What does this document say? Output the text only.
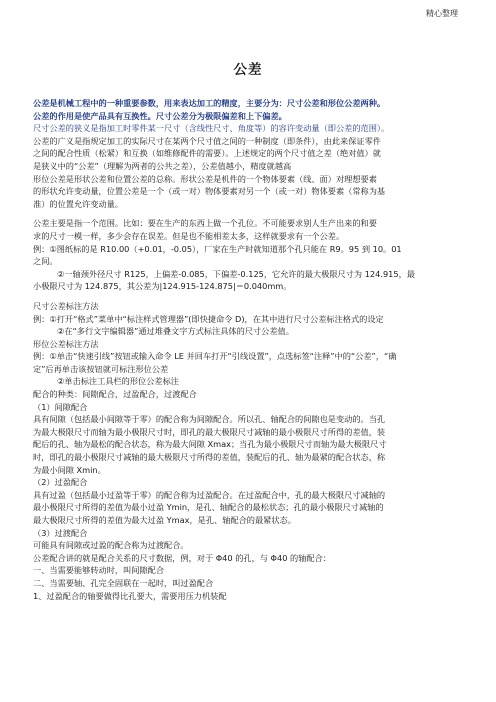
精心整理
公差

公差是机械工程中的一种重要参数，用来表达加工的精度，主要分为：尺寸公差和形位公差两种。

公差的作用是使产品具有互换性。尺寸公差分为极限偏差和上下偏差。

尺寸公差的狭义是指加工时零件某一尺寸（含线性尺寸、角度等）的容许变动量（即公差的范围）。

公差的广义是指规定加工的实际尺寸在某两个尺寸值之间的一种制度（即条件），由此来保证零件

之间的配合性质（松紧）和互换（如维修配件的需要）。上述规定的两个尺寸值之差（绝对值）就

是狭义中的“公差”（理解为两者的公共之差），公差值越小，精度就越高

形位公差是形状公差和位置公差的总称。形状公差是机件的一个物体要素（线、面）对理想要素

的形状允许变动量，位置公差是一个（或一对）物体要素对另一个（或一对）物体要素（常称为基

准）的位置允许变动量。

公差主要是指一个范围。比如：要在生产的东西上做一个孔位。不可能要求别人生产出来的和要

求的尺寸一模一样，多少会存在误差。但是也不能相差太多，这样就要求有一个公差。

例：①图纸标的是 R10.00（+0.01，-0.05），厂家在生产时就知道那个孔只能在 R9。95 到 10。01

之间。

②一轴颈外径尺寸 R125，上偏差-0.085，下偏差-0.125，它允许的最大极限尺寸为 124.915，最

小极限尺寸为 124.875，其公差为|124.915-124.875|＝0.040mm。

尺寸公差标注方法

例：①打开“格式”菜单中“标注样式管理器”(即快捷命令 D)，在其中进行尺寸公差标注格式的设定

②在“多行文字编辑器”通过堆叠文字方式标注具体的尺寸公差值。

形位公差标注方法

例：①单击“快速引线”按钮或输入命令 LE 并回车打开“引线设置”，点选标签“注释”中的“公差”，“确

定”后再单击该按钮就可标注形位公差

②单击标注工具栏的形位公差标注

配合的种类：间隙配合，过盈配合，过渡配合

（1）间隙配合

具有间隙（包括最小间隙等于零）的配合称为间隙配合。所以孔、轴配合的间隙也是变动的。当孔

为最大极限尺寸而轴为最小极限尺寸时，即孔的最大极限尺寸减轴的最小极限尺寸所得的差值，装

配后的孔、轴为最松的配合状态，称为最大间隙 Xmax；当孔为最小极限尺寸而轴为最大极限尺寸

时，即孔的最小极限尺寸减轴的最大极限尺寸所得的差值，装配后的孔、轴为最紧的配合状态，称

为最小间隙 Xmin。

（2）过盈配合

具有过盈（包括最小过盈等于零）的配合称为过盈配合。在过盈配合中，孔的最大极限尺寸减轴的

最小极限尺寸所得的差值为最小过盈 Ymin，是孔、轴配合的最松状态；孔的最小极限尺寸减轴的

最大极限尺寸所得的差值为最大过盈 Ymax，是孔、轴配合的最紧状态。

（3）过渡配合

可能具有间隙或过盈的配合称为过渡配合。

公差配合讲的就是配合关系的尺寸数据，例，对于 Φ40 的孔，与 Φ40 的轴配合：

一、当需要能够转动时，叫间隙配合

二、当需要轴、孔完全固联在一起时，叫过盈配合

1、过盈配合的轴要做得比孔要大，需要用压力机装配
